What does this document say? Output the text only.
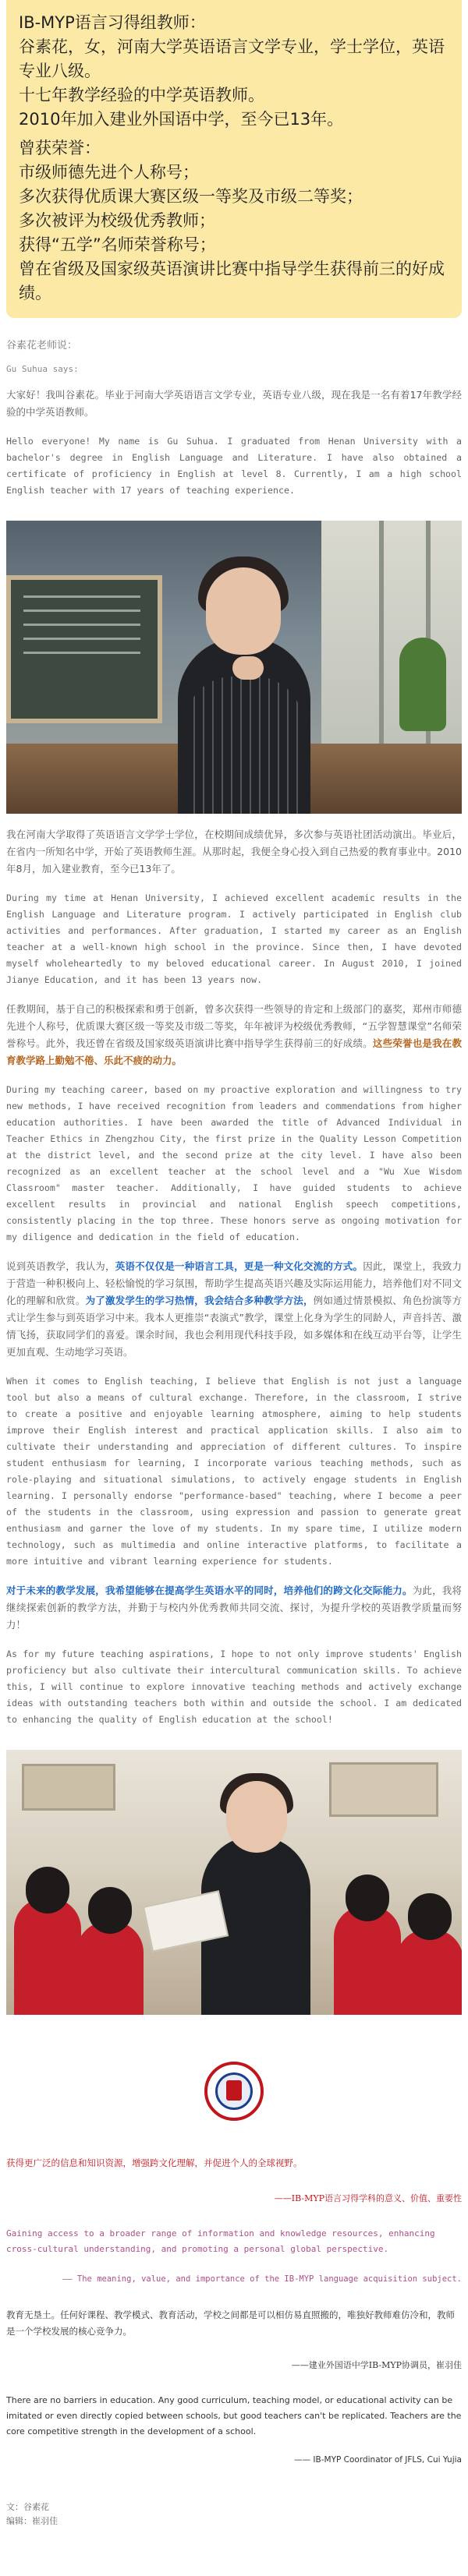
IB-MYP语言习得组教师：
谷素花，女，河南大学英语语言文学专业，学士学位，英语专业八级。
十七年教学经验的中学英语教师。
2010年加入建业外国语中学，至今已13年。
曾获荣誉：
市级师德先进个人称号；
多次获得优质课大赛区级一等奖及市级二等奖；
多次被评为校级优秀教师；
获得“五学”名师荣誉称号；
曾在省级及国家级英语演讲比赛中指导学生获得前三的好成绩。
谷素花老师说：
Gu Suhua says:

大家好！我叫谷素花。毕业于河南大学英语语言文学专业，英语专业八级，现在我是一名有着17年教学经验的中学英语教师。

Hello everyone! My name is Gu Suhua. I graduated from Henan University with a bachelor's degree in English Language and Literature. I have also obtained a certificate of proficiency in English at level 8. Currently, I am a high school English teacher with 17 years of teaching experience.

我在河南大学取得了英语语言文学学士学位，在校期间成绩优异，多次参与英语社团活动演出。毕业后，在省内一所知名中学，开始了英语教师生涯。从那时起，我便全身心投入到自己热爱的教育事业中。2010年8月，加入建业教育，至今已13年了。

During my time at Henan University, I achieved excellent academic results in the English Language and Literature program. I actively participated in English club activities and performances. After graduation, I started my career as an English teacher at a well-known high school in the province. Since then, I have devoted myself wholeheartedly to my beloved educational career. In August 2010, I joined Jianye Education, and it has been 13 years now.

任教期间，基于自己的积极探索和勇于创新，曾多次获得一些领导的肯定和上级部门的嘉奖，郑州市师德先进个人称号，优质课大赛区级一等奖及市级二等奖，年年被评为校级优秀教师，“五学智慧课堂”名师荣誉称号。此外，我还曾在省级及国家级英语演讲比赛中指导学生获得前三的好成绩。这些荣誉也是我在教育教学路上勤勉不倦、乐此不疲的动力。

During my teaching career, based on my proactive exploration and willingness to try new methods, I have received recognition from leaders and commendations from higher education authorities. I have been awarded the title of Advanced Individual in Teacher Ethics in Zhengzhou City, the first prize in the Quality Lesson Competition at the district level, and the second prize at the city level. I have also been recognized as an excellent teacher at the school level and a "Wu Xue Wisdom Classroom" master teacher. Additionally, I have guided students to achieve excellent results in provincial and national English speech competitions, consistently placing in the top three. These honors serve as ongoing motivation for my diligence and dedication in the field of education.

说到英语教学，我认为，英语不仅仅是一种语言工具，更是一种文化交流的方式。因此，课堂上，我致力于营造一种积极向上、轻松愉悦的学习氛围，帮助学生提高英语兴趣及实际运用能力，培养他们对不同文化的理解和欣赏。为了激发学生的学习热情，我会结合多种教学方法，例如通过情景模拟、角色扮演等方式让学生参与到英语学习中来。我本人更推崇“表演式”教学，课堂上化身为学生的同龄人，声音抖苦、激情飞扬，获取同学们的喜爱。课余时间，我也会利用现代科技手段，如多媒体和在线互动平台等，让学生更加直观、生动地学习英语。

When it comes to English teaching, I believe that English is not just a language tool but also a means of cultural exchange. Therefore, in the classroom, I strive to create a positive and enjoyable learning atmosphere, aiming to help students improve their English interest and practical application skills. I also aim to cultivate their understanding and appreciation of different cultures. To inspire student enthusiasm for learning, I incorporate various teaching methods, such as role-playing and situational simulations, to actively engage students in English learning. I personally endorse "performance-based" teaching, where I become a peer of the students in the classroom, using expression and passion to generate great enthusiasm and garner the love of my students. In my spare time, I utilize modern technology, such as multimedia and online interactive platforms, to facilitate a more intuitive and vibrant learning experience for students.

对于未来的教学发展，我希望能够在提高学生英语水平的同时，培养他们的跨文化交际能力。为此，我将继续探索创新的教学方法，并勤于与校内外优秀教师共同交流、探讨，为提升学校的英语教学质量而努力！

As for my future teaching aspirations, I hope to not only improve students' English proficiency but also cultivate their intercultural communication skills. To achieve this, I will continue to explore innovative teaching methods and actively exchange ideas with outstanding teachers both within and outside the school. I am dedicated to enhancing the quality of English education at the school!

获得更广泛的信息和知识资源，增强跨文化理解，并促进个人的全球视野。

——IB-MYP语言习得学科的意义、价值、重要性

Gaining access to a broader range of information and knowledge resources, enhancing cross-cultural understanding, and promoting a personal global perspective.

—— The meaning, value, and importance of the IB-MYP language acquisition subject.

教育无垦土。任何好课程、教学模式、教育活动，学校之间都是可以相仿易直照搬的，唯独好教师难仿冷和，教师是一个学校发展的核心竞争力。

——建业外国语中学IB-MYP协调员，崔羽佳

There are no barriers in education. Any good curriculum, teaching model, or educational activity can be imitated or even directly copied between schools, but good teachers can't be replicated. Teachers are the core competitive strength in the development of a school.

—— IB-MYP Coordinator of JFLS, Cui Yujia

文：谷素花
编辑：崔羽佳
